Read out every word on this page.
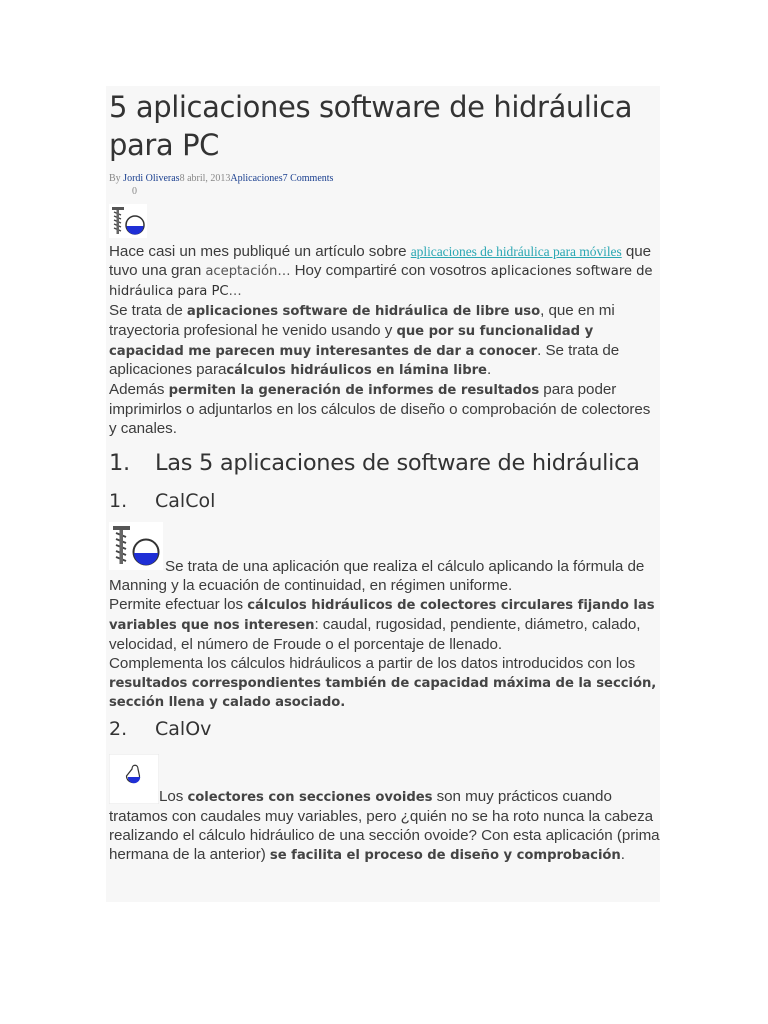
5 aplicaciones software de hidráulica para PC
By Jordi Oliveras8 abril, 2013Aplicaciones7 Comments
0

Hace casi un mes publiqué un artículo sobre aplicaciones de hidráulica para móviles que tuvo una gran aceptación… Hoy compartiré con vosotros aplicaciones software de hidráulica para PC…

Se trata de aplicaciones software de hidráulica de libre uso, que en mi trayectoria profesional he venido usando y que por su funcionalidad y capacidad me parecen muy interesantes de dar a conocer. Se trata de aplicaciones paracálculos hidráulicos en lámina libre.

Además permiten la generación de informes de resultados para poder imprimirlos o adjuntarlos en los cálculos de diseño o comprobación de colectores y canales.

1.	Las 5 aplicaciones de software de hidráulica
1.	CalCol

Se trata de una aplicación que realiza el cálculo aplicando la fórmula de Manning y la ecuación de continuidad, en régimen uniforme.

Permite efectuar los cálculos hidráulicos de colectores circulares fijando las variables que nos interesen: caudal, rugosidad, pendiente, diámetro, calado, velocidad, el número de Froude o el porcentaje de llenado.

Complementa los cálculos hidráulicos a partir de los datos introducidos con los resultados correspondientes también de capacidad máxima de la sección, sección llena y calado asociado.

2.	CalOv

Los colectores con secciones ovoides son muy prácticos cuando tratamos con caudales muy variables, pero ¿quién no se ha roto nunca la cabeza realizando el cálculo hidráulico de una sección ovoide? Con esta aplicación (prima hermana de la anterior) se facilita el proceso de diseño y comprobación.
